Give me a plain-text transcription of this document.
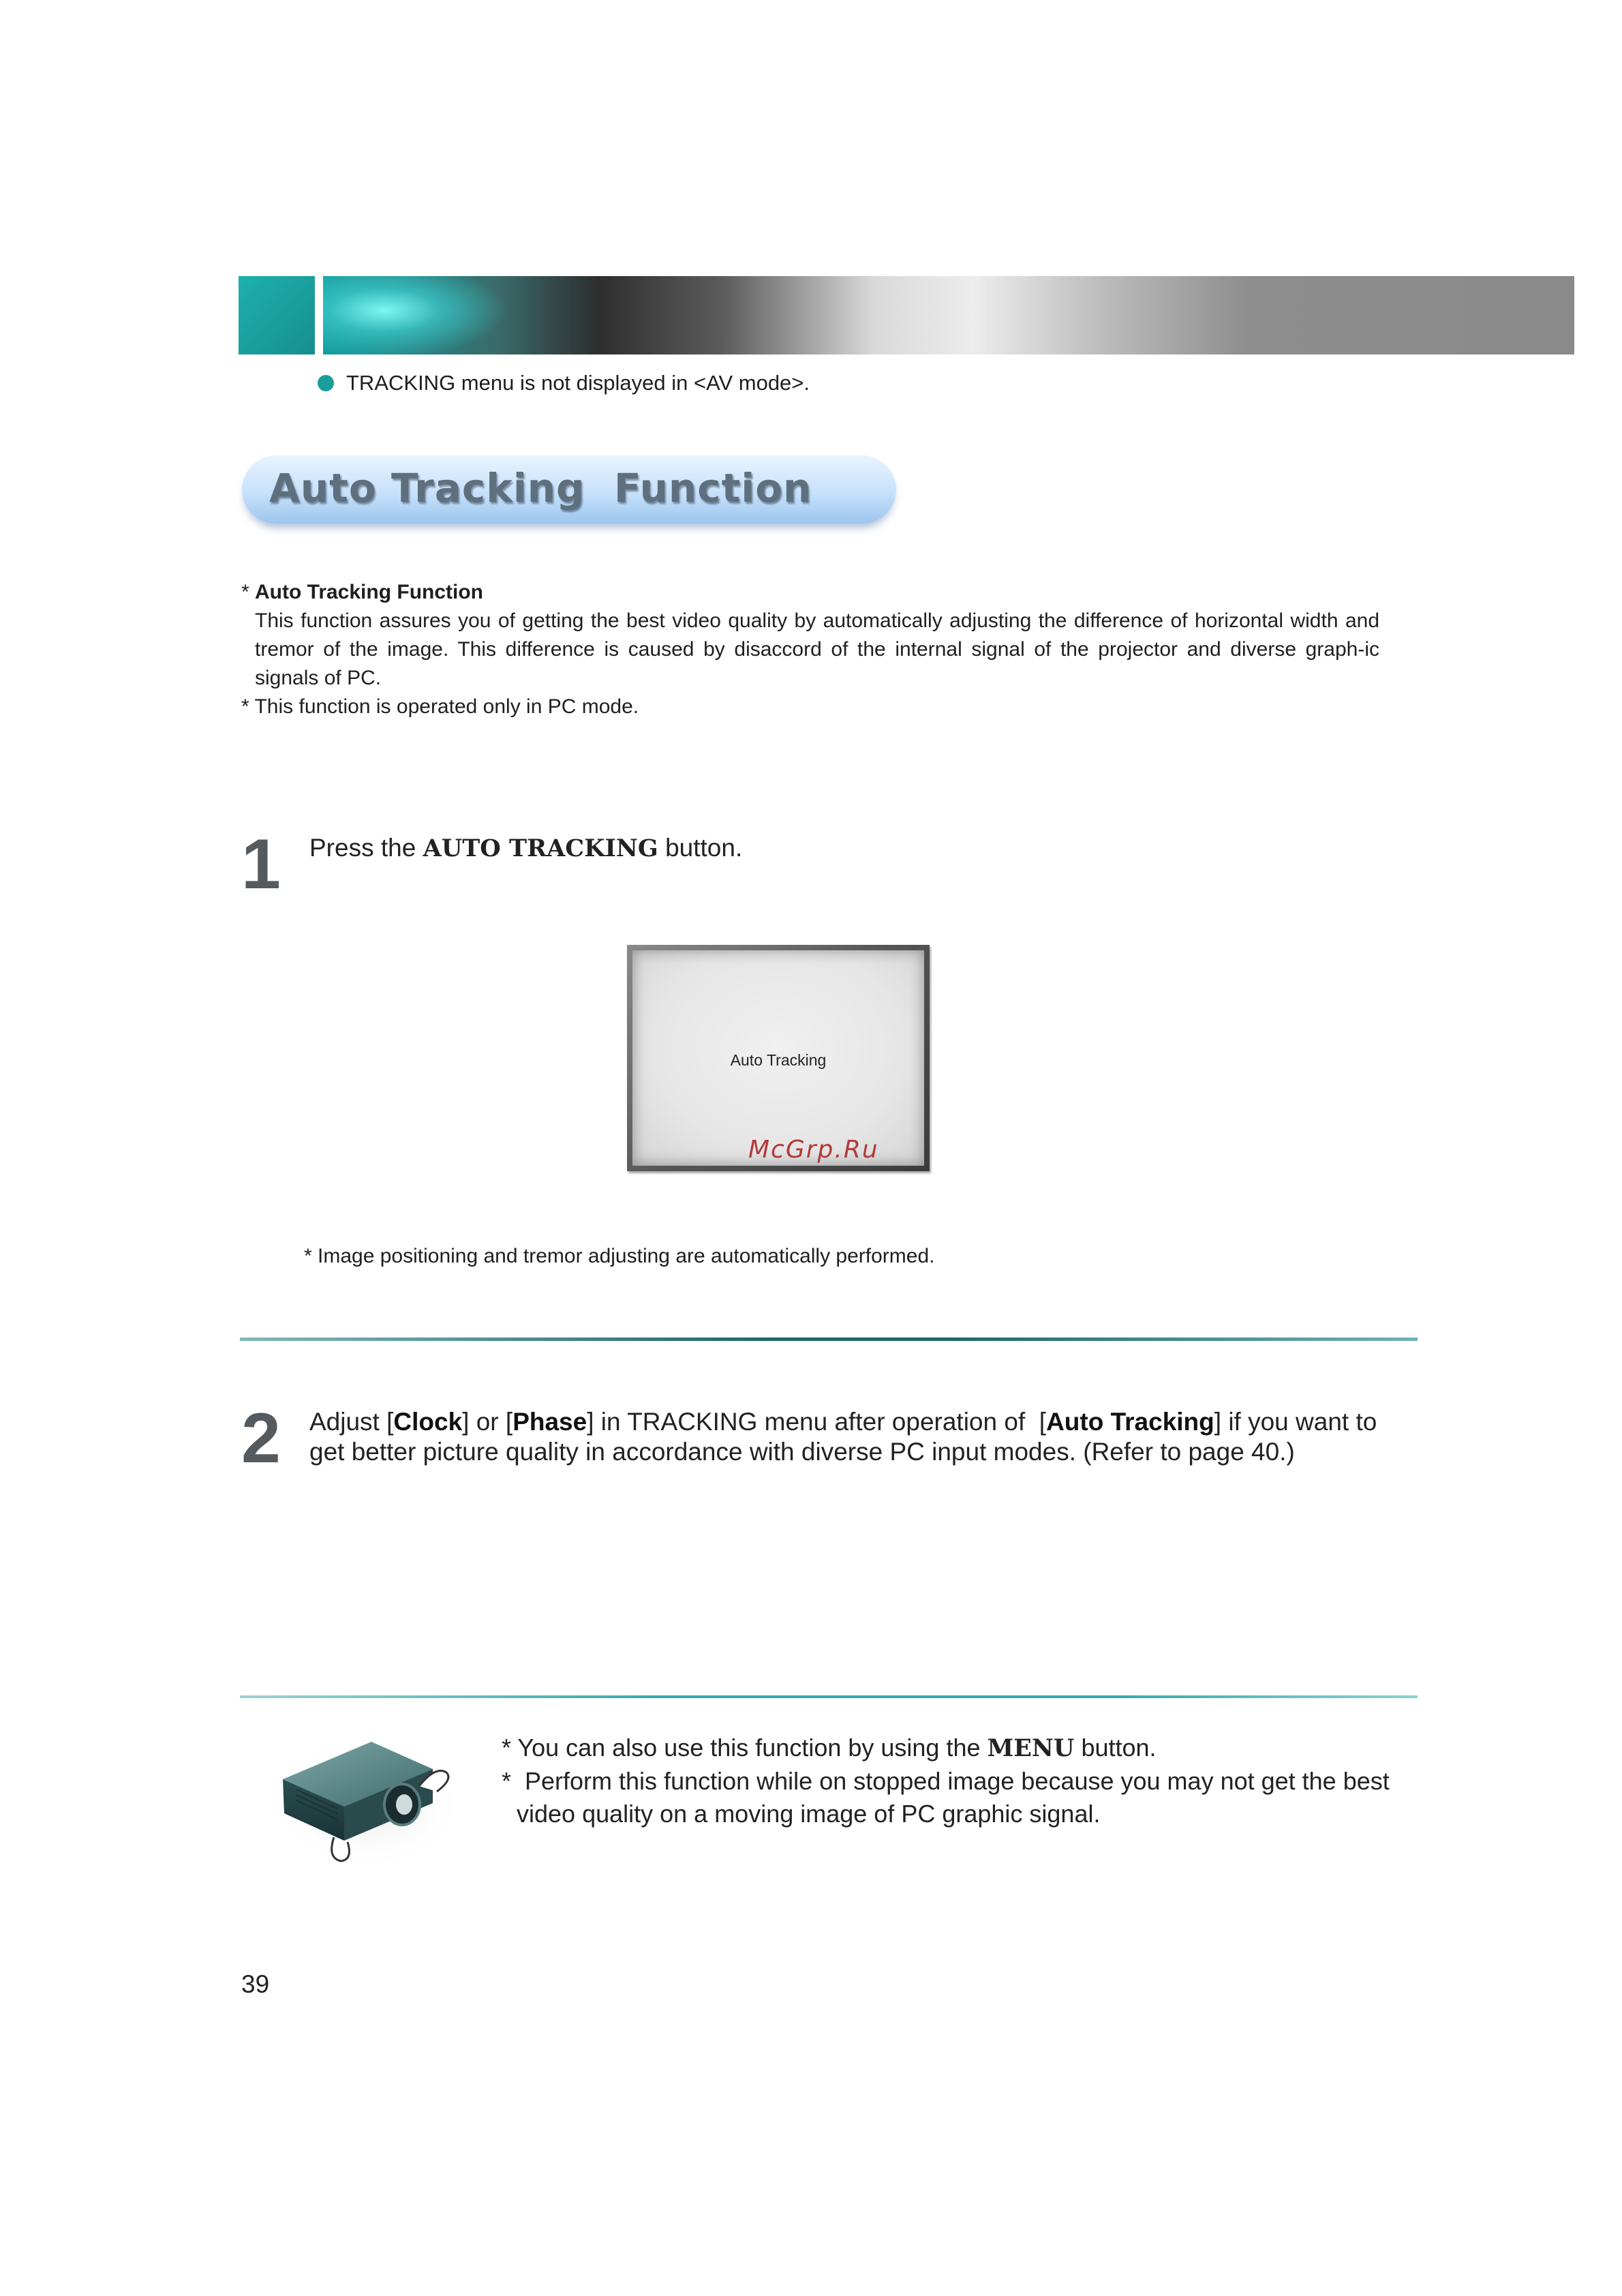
TRACKING menu is not displayed in <AV mode>.
Auto Tracking  Function

* Auto Tracking Function

This function assures you of getting the best video quality by automatically adjusting the difference of horizontal width and tremor of the image. This difference is caused by disaccord of the internal signal of the projector and diverse graph-ic signals of PC.

* This function is operated only in PC mode.

1 Press the AUTO TRACKING button.
Auto Tracking
McGrp.Ru
* Image positioning and tremor adjusting are automatically performed.
2 Adjust [Clock] or [Phase] in TRACKING menu after operation of  [Auto Tracking] if you want to get better picture quality in accordance with diverse PC input modes. (Refer to page 40.)

* You can also use this function by using the MENU button.

*  Perform this function while on stopped image because you may not get the best

video quality on a moving image of PC graphic signal.

39
